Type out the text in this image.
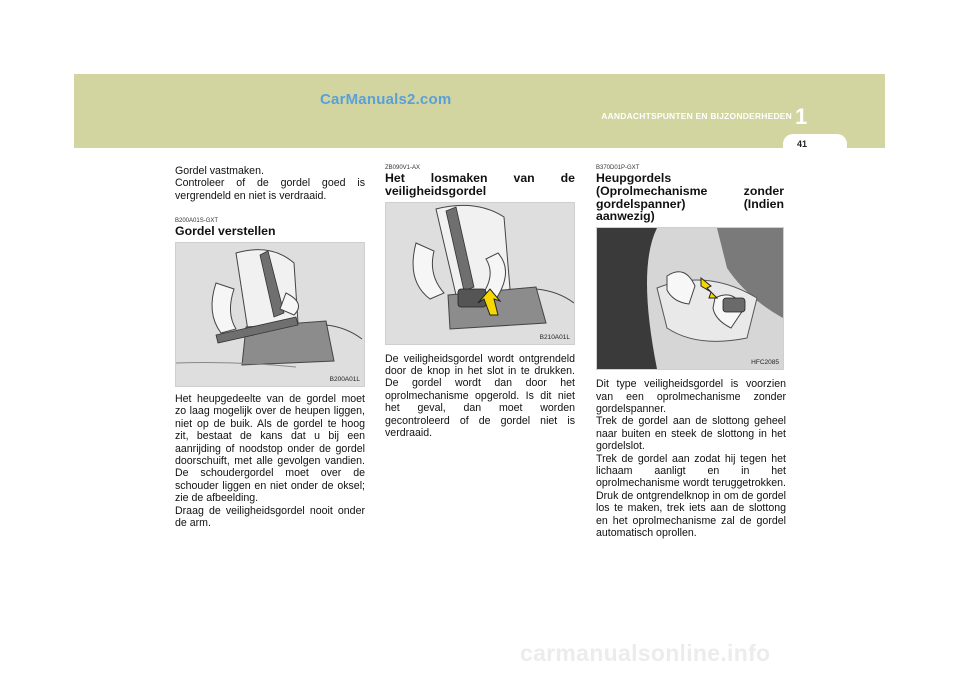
CarManuals2.com
AANDACHTSPUNTEN EN BIJZONDERHEDEN 1
41

Gordel vastmaken.
Controleer of de gordel goed is vergrendeld en niet is verdraaid.

B200A01S-GXT

Gordel verstellen

B200A01L

Het heupgedeelte van de gordel moet zo laag mogelijk over de heupen liggen, niet op de buik. Als de gordel te hoog zit, bestaat de kans dat u bij een aanrijding of noodstop onder de gordel doorschuift, met alle gevolgen vandien. De schoudergordel moet over de schouder liggen en niet onder de oksel; zie de afbeelding.
Draag de veiligheidsgordel nooit onder de arm.

ZB090V1-AX

Het losmaken van de veiligheidsgordel

B210A01L

De veiligheidsgordel wordt ontgrendeld door de knop in het slot in te drukken. De gordel wordt dan door het oprolmechanisme opgerold. Is dit niet het geval, dan moet worden gecontroleerd of de gordel niet is verdraaid.

B370D01P-GXT

Heupgordels (Oprolmechanisme zonder gordelspanner) (Indien aanwezig)

HFC2085

Dit type veiligheidsgordel is voorzien van een oprolmechanisme zonder gordelspanner.
Trek de gordel aan de slottong geheel naar buiten en steek de slottong in het gordelslot.
Trek de gordel aan zodat hij tegen het lichaam aanligt en in het oprolmechanisme wordt teruggetrokken. Druk de ontgrendelknop in om de gordel los te maken, trek iets aan de slottong en het oprolmechanisme zal de gordel automatisch oprollen.

carmanualsonline.info
